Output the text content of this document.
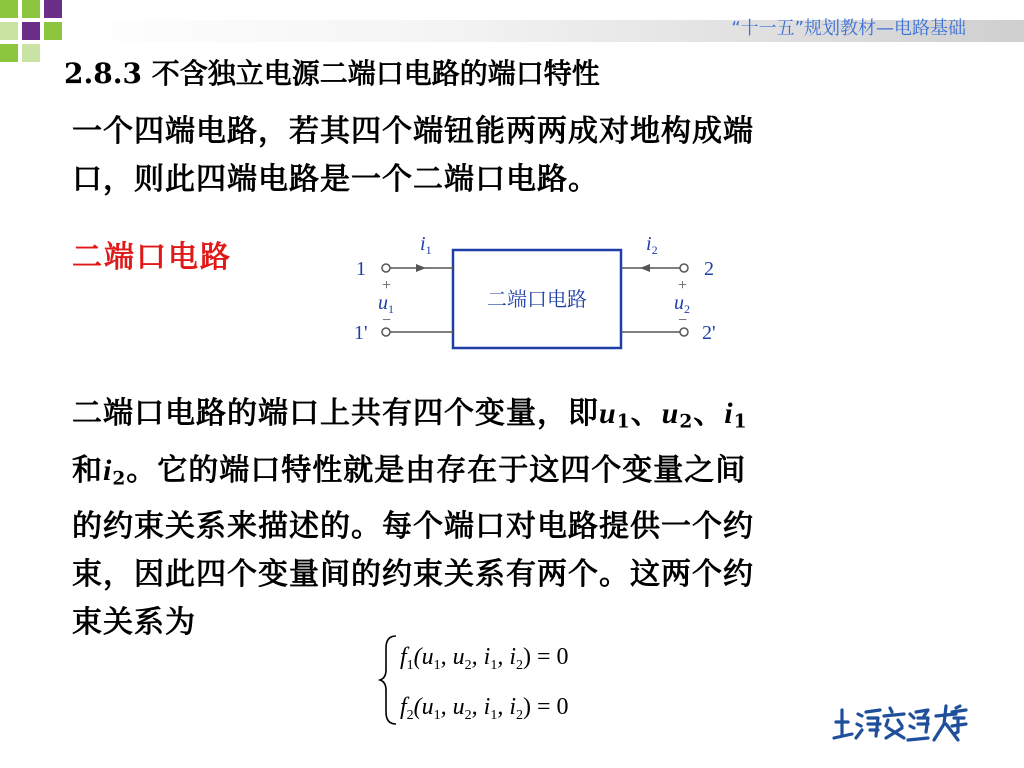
“十一五”规划教材—电路基础
2.8.3 不含独立电源二端口电路的端口特性
一个四端电路，若其四个端钮能两两成对地构成端
口，则此四端电路是一个二端口电路。
二端口电路
二端口电路
$i_1$	$i_2$
1
1'
2
2'
+
$u_1$
−
+
$u_2$
−
二端口电路的端口上共有四个变量，即$u_1$、$u_2$、$i_1$
和$i_2$。它的端口特性就是由存在于这四个变量之间
的约束关系来描述的。每个端口对电路提供一个约
束，因此四个变量间的约束关系有两个。这两个约
束关系为
$f_1(u_1$, $u_2$, $i_1$, $i_2) = 0$
$f_2(u_1$, $u_2$, $i_1$, $i_2) = 0$
